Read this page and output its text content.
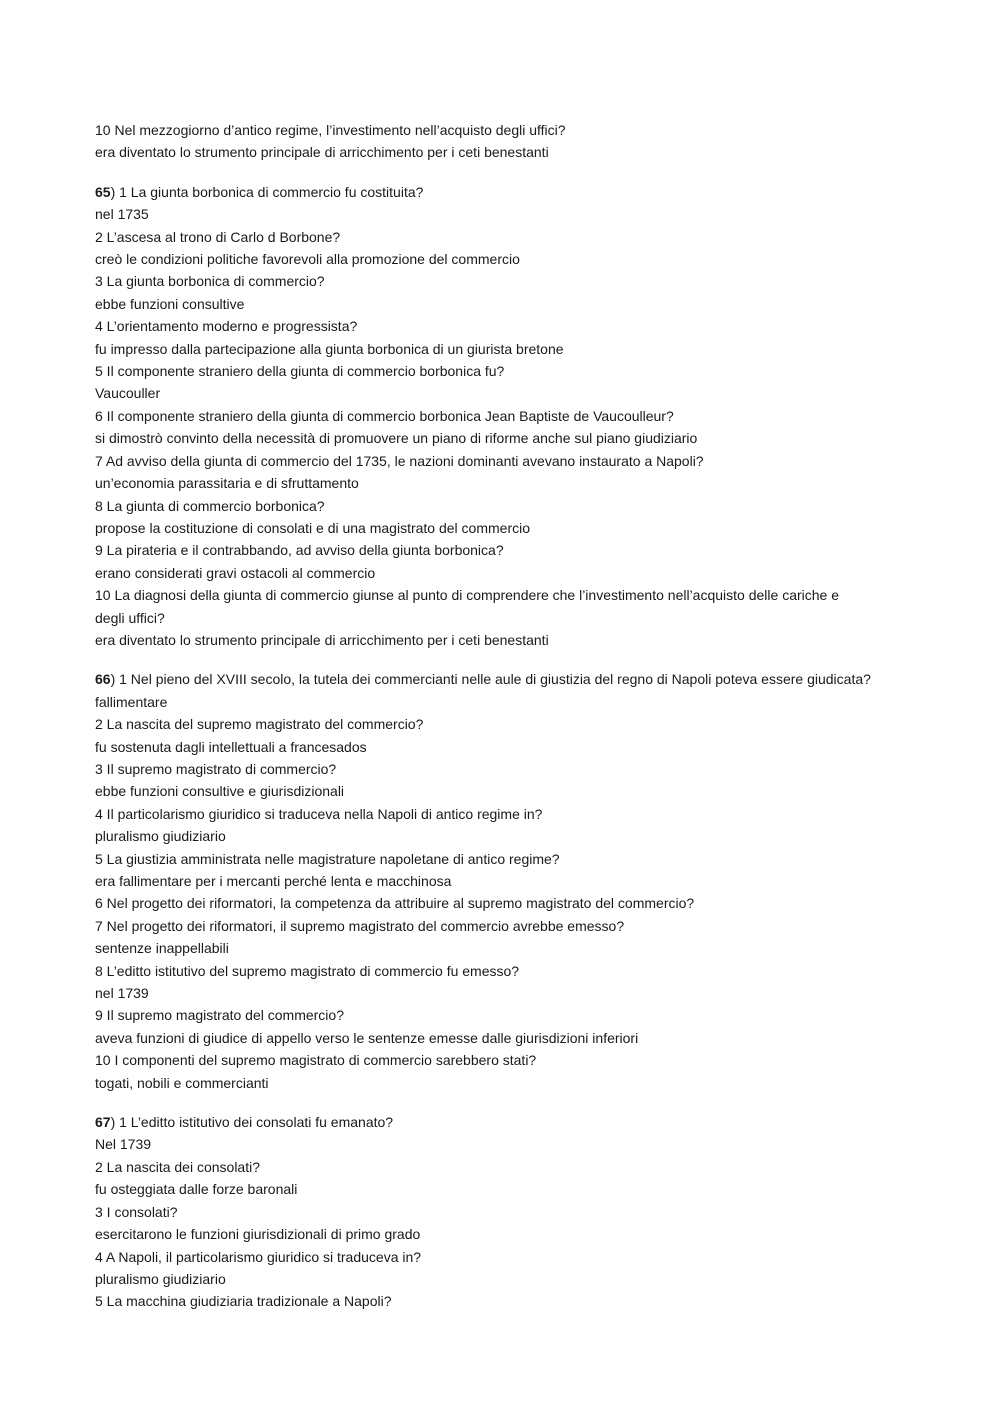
10 Nel mezzogiorno d’antico regime, l’investimento nell’acquisto degli uffici?
era diventato lo strumento principale di arricchimento per i ceti benestanti
65) 1 La giunta borbonica di commercio fu costituita?
nel 1735
2 L’ascesa al trono di Carlo d Borbone?
creò le condizioni politiche favorevoli alla promozione del commercio
3 La giunta borbonica di commercio?
ebbe funzioni consultive
4 L’orientamento moderno e progressista?
fu impresso dalla partecipazione alla giunta borbonica di un giurista bretone
5 Il componente straniero della giunta di commercio borbonica fu?
Vaucouller
6 Il componente straniero della giunta di commercio borbonica Jean Baptiste de Vaucoulleur?
si dimostrò convinto della necessità di promuovere un piano di riforme anche sul piano giudiziario
7 Ad avviso della giunta di commercio del 1735, le nazioni dominanti avevano instaurato a Napoli?
un’economia parassitaria e di sfruttamento
8 La giunta di commercio borbonica?
propose la costituzione di consolati e di una magistrato del commercio
9 La pirateria e il contrabbando, ad avviso della giunta borbonica?
erano considerati gravi ostacoli al commercio
10 La diagnosi della giunta di commercio giunse al punto di comprendere che l’investimento nell’acquisto delle cariche e
degli uffici?
era diventato lo strumento principale di arricchimento per i ceti benestanti
66) 1 Nel pieno del XVIII secolo, la tutela dei commercianti nelle aule di giustizia del regno di Napoli poteva essere giudicata?
fallimentare
2 La nascita del supremo magistrato del commercio?
fu sostenuta dagli intellettuali a francesados
3 Il supremo magistrato di commercio?
ebbe funzioni consultive e giurisdizionali
4 Il particolarismo giuridico si traduceva nella Napoli di antico regime in?
pluralismo giudiziario
5 La giustizia amministrata nelle magistrature napoletane di antico regime?
era fallimentare per i mercanti perché lenta e macchinosa
6 Nel progetto dei riformatori, la competenza da attribuire al supremo magistrato del commercio?
7 Nel progetto dei riformatori, il supremo magistrato del commercio avrebbe emesso?
sentenze inappellabili
8 L’editto istitutivo del supremo magistrato di commercio fu emesso?
nel 1739
9 Il supremo magistrato del commercio?
aveva funzioni di giudice di appello verso le sentenze emesse dalle giurisdizioni inferiori
10 I componenti del supremo magistrato di commercio sarebbero stati?
togati, nobili e commercianti
67) 1 L’editto istitutivo dei consolati fu emanato?
Nel 1739
2 La nascita dei consolati?
fu osteggiata dalle forze baronali
3 I consolati?
esercitarono le funzioni giurisdizionali di primo grado
4 A Napoli, il particolarismo giuridico si traduceva in?
pluralismo giudiziario
5 La macchina giudiziaria tradizionale a Napoli?
